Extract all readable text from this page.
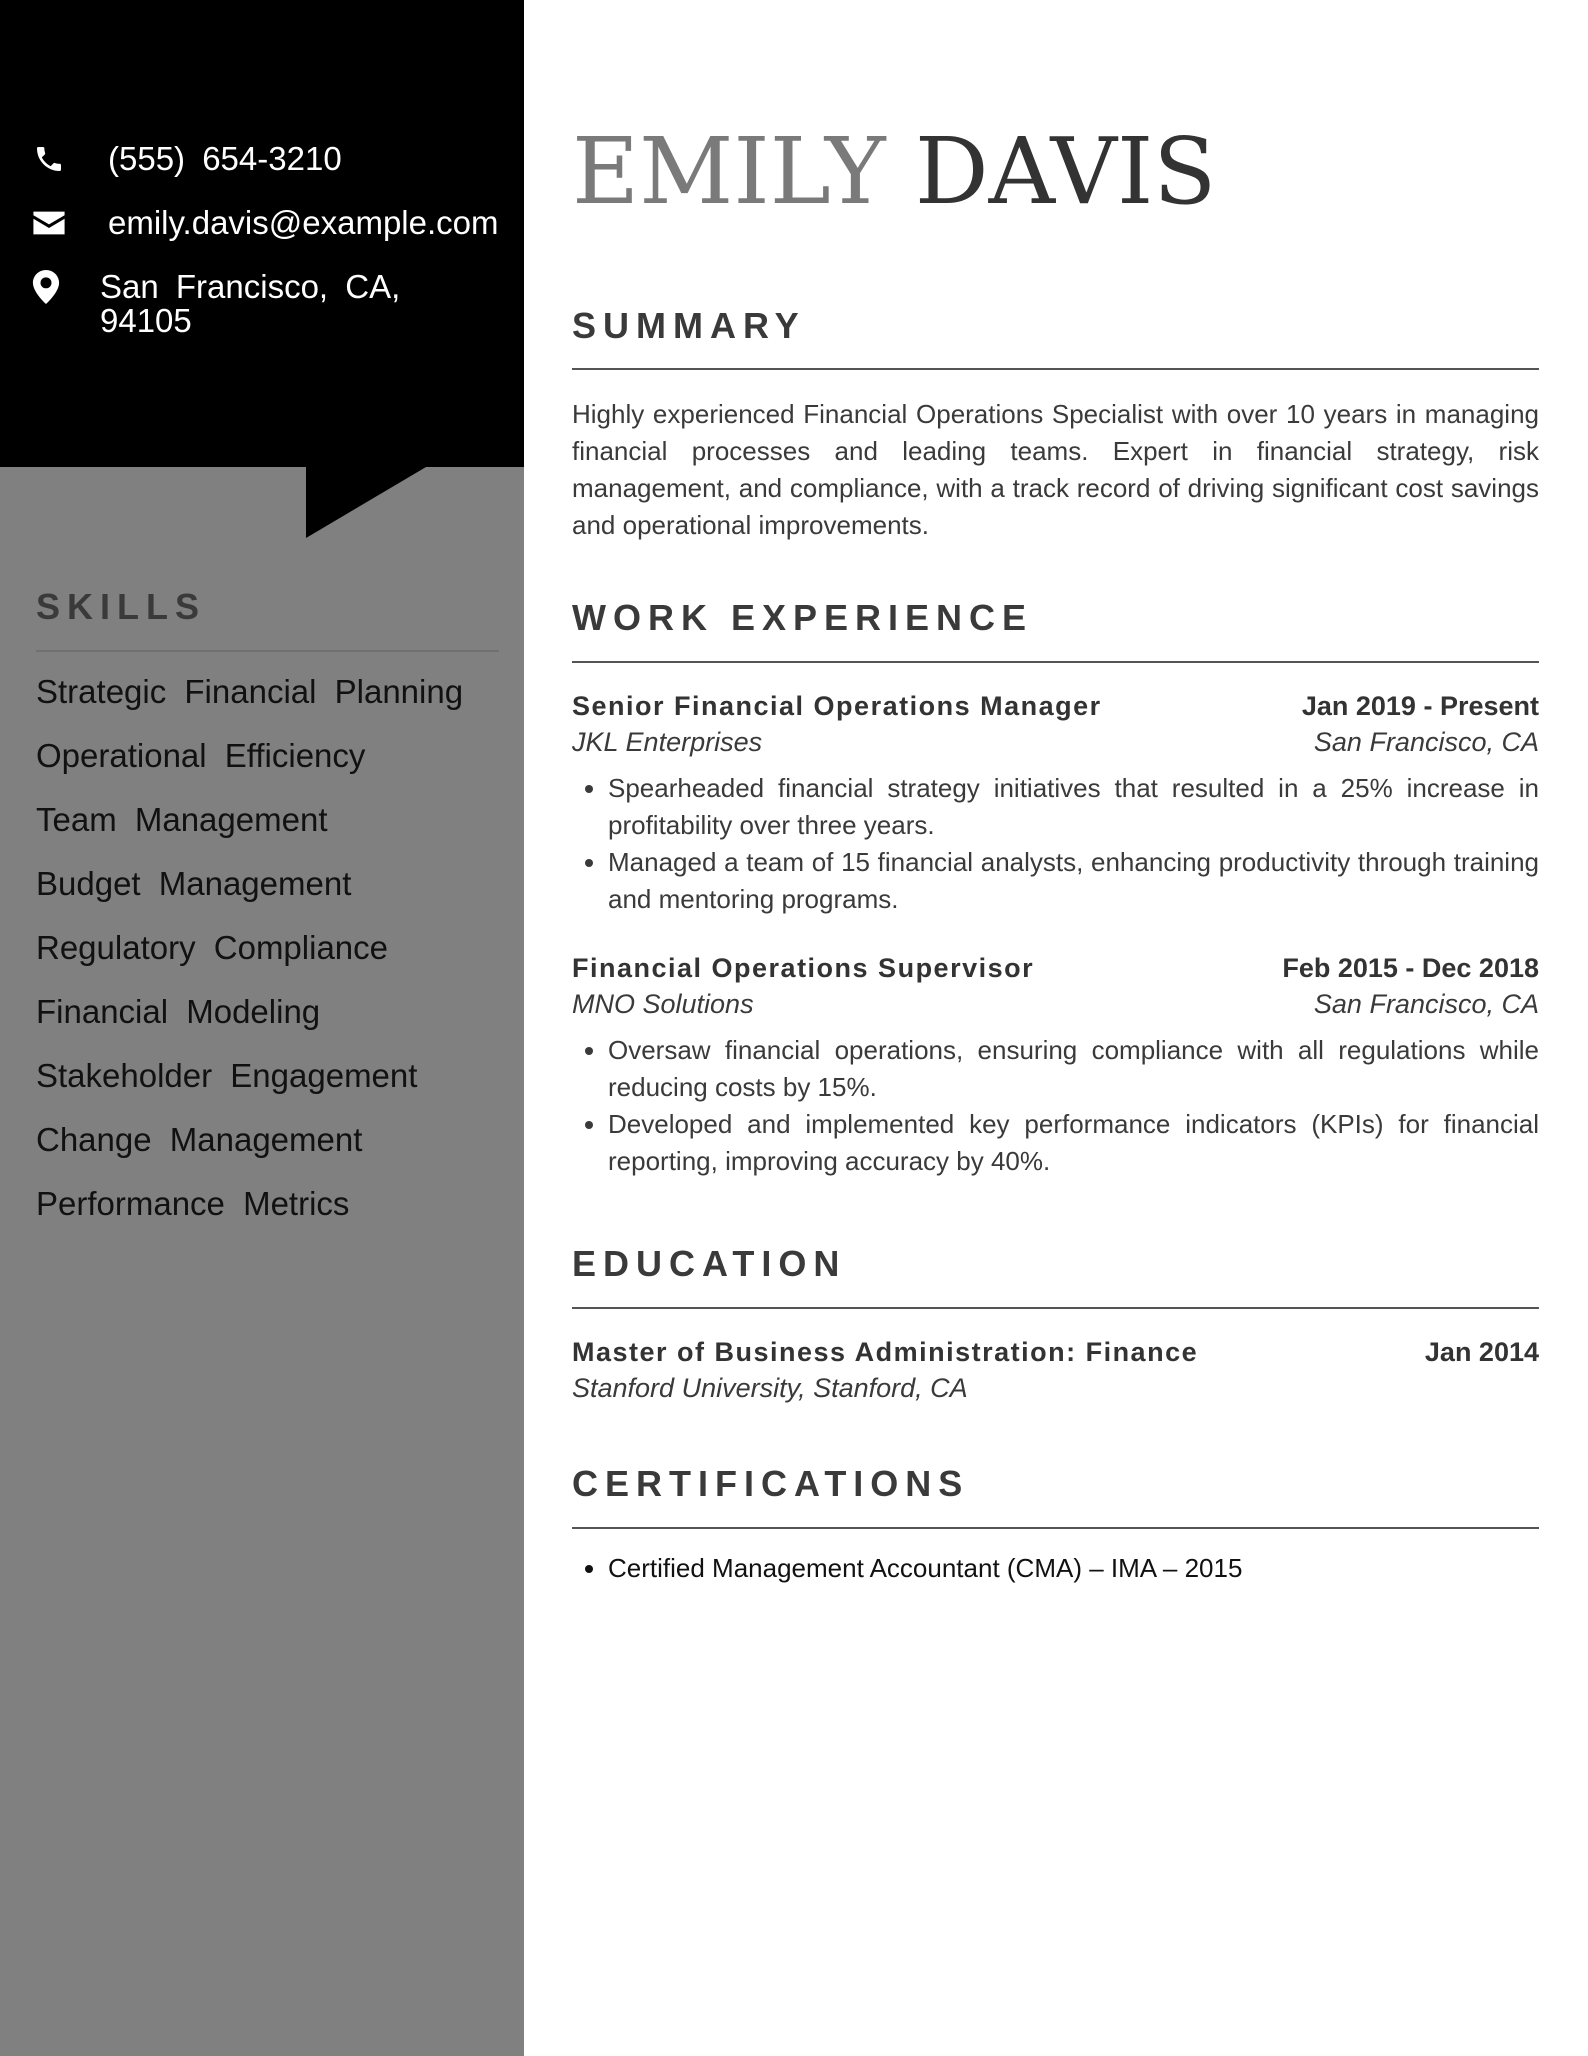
(555) 654-3210
emily.davis@example.com
San Francisco, CA, 94105
SKILLS
Strategic Financial Planning
Operational Efficiency
Team Management
Budget Management
Regulatory Compliance
Financial Modeling
Stakeholder Engagement
Change Management
Performance Metrics
EMILY DAVIS
SUMMARY

Highly experienced Financial Operations Specialist with over 10 years in managing financial processes and leading teams. Expert in financial strategy, risk management, and compliance, with a track record of driving significant cost savings and operational improvements.

WORK EXPERIENCE
Senior Financial Operations Manager	Jan 2019 - Present
JKL Enterprises	San Francisco, CA
• Spearheaded financial strategy initiatives that resulted in a 25% increase in profitability over three years.
• Managed a team of 15 financial analysts, enhancing productivity through training and mentoring programs.
Financial Operations Supervisor	Feb 2015 - Dec 2018
MNO Solutions	San Francisco, CA
• Oversaw financial operations, ensuring compliance with all regulations while reducing costs by 15%.
• Developed and implemented key performance indicators (KPIs) for financial reporting, improving accuracy by 40%.
EDUCATION
Master of Business Administration: Finance	Jan 2014
Stanford University, Stanford, CA
CERTIFICATIONS
• Certified Management Accountant (CMA) – IMA – 2015
